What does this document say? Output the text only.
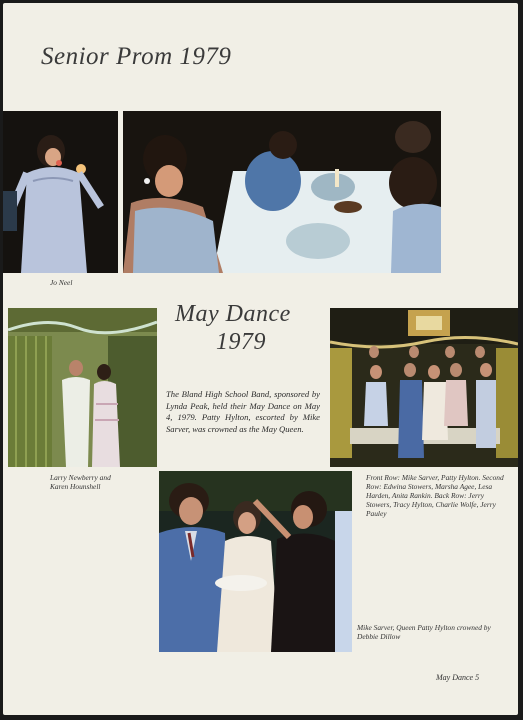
Senior Prom 1979
Jo Neel
May Dance
1979
The Bland High School Band, sponsored by Lynda Peak, held their May Dance on May 4, 1979. Patty Hylton, escorted by Mike Sarver, was crowned as the May Queen.
Larry Newberry and Karen Hounshell
Front Row: Mike Sarver, Patty Hylton. Second Row: Edwina Stowers, Marsha Agee, Lesa Harden, Anita Rankin. Back Row: Jerry Stowers, Tracy Hylton, Charlie Wolfe, Jerry Pauley
Mike Sarver, Queen Patty Hylton crowned by Debbie Dillow
May Dance 5
